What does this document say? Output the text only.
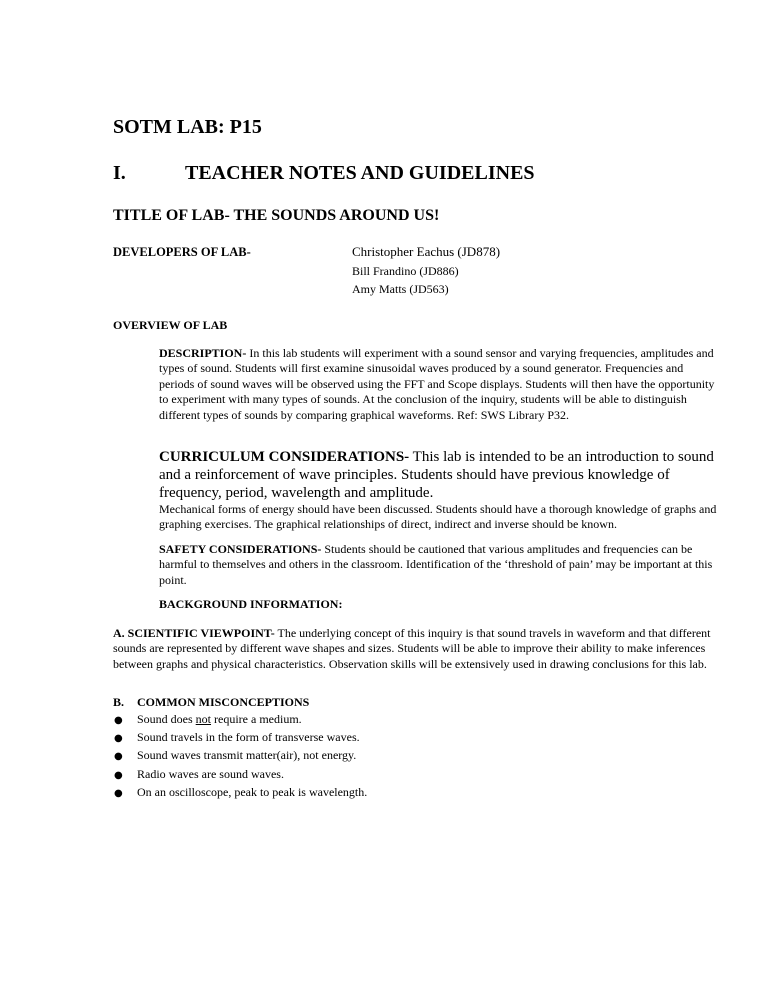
SOTM LAB: P15
I.	TEACHER NOTES AND GUIDELINES
TITLE OF LAB- THE SOUNDS AROUND US!
DEVELOPERS OF LAB-	Christopher Eachus (JD878)
Bill Frandino (JD886)
Amy Matts (JD563)
OVERVIEW OF LAB

DESCRIPTION- In this lab students will experiment with a sound sensor and varying frequencies, amplitudes and types of sound. Students will first examine sinusoidal waves produced by a sound generator. Frequencies and periods of sound waves will be observed using the FFT and Scope displays. Students will then have the opportunity to experiment with many types of sounds. At the conclusion of the inquiry, students will be able to distinguish different types of sounds by comparing graphical waveforms. Ref: SWS Library P32.

CURRICULUM CONSIDERATIONS- This lab is intended to be an introduction to sound and a reinforcement of wave principles. Students should have previous knowledge of frequency, period, wavelength and amplitude.
Mechanical forms of energy should have been discussed. Students should have a thorough knowledge of graphs and graphing exercises. The graphical relationships of direct, indirect and inverse should be known.

SAFETY CONSIDERATIONS- Students should be cautioned that various amplitudes and frequencies can be harmful to themselves and others in the classroom. Identification of the ‘threshold of pain’ may be important at this point.

BACKGROUND INFORMATION:

A. SCIENTIFIC VIEWPOINT- The underlying concept of this inquiry is that sound travels in waveform and that different sounds are represented by different wave shapes and sizes. Students will be able to improve their ability to make inferences between graphs and physical characteristics. Observation skills will be extensively used in drawing conclusions for this lab.

B. COMMON MISCONCEPTIONS
●	Sound does not require a medium.
●	Sound travels in the form of transverse waves.
●	Sound waves transmit matter(air), not energy.
●	Radio waves are sound waves.
●	On an oscilloscope, peak to peak is wavelength.
